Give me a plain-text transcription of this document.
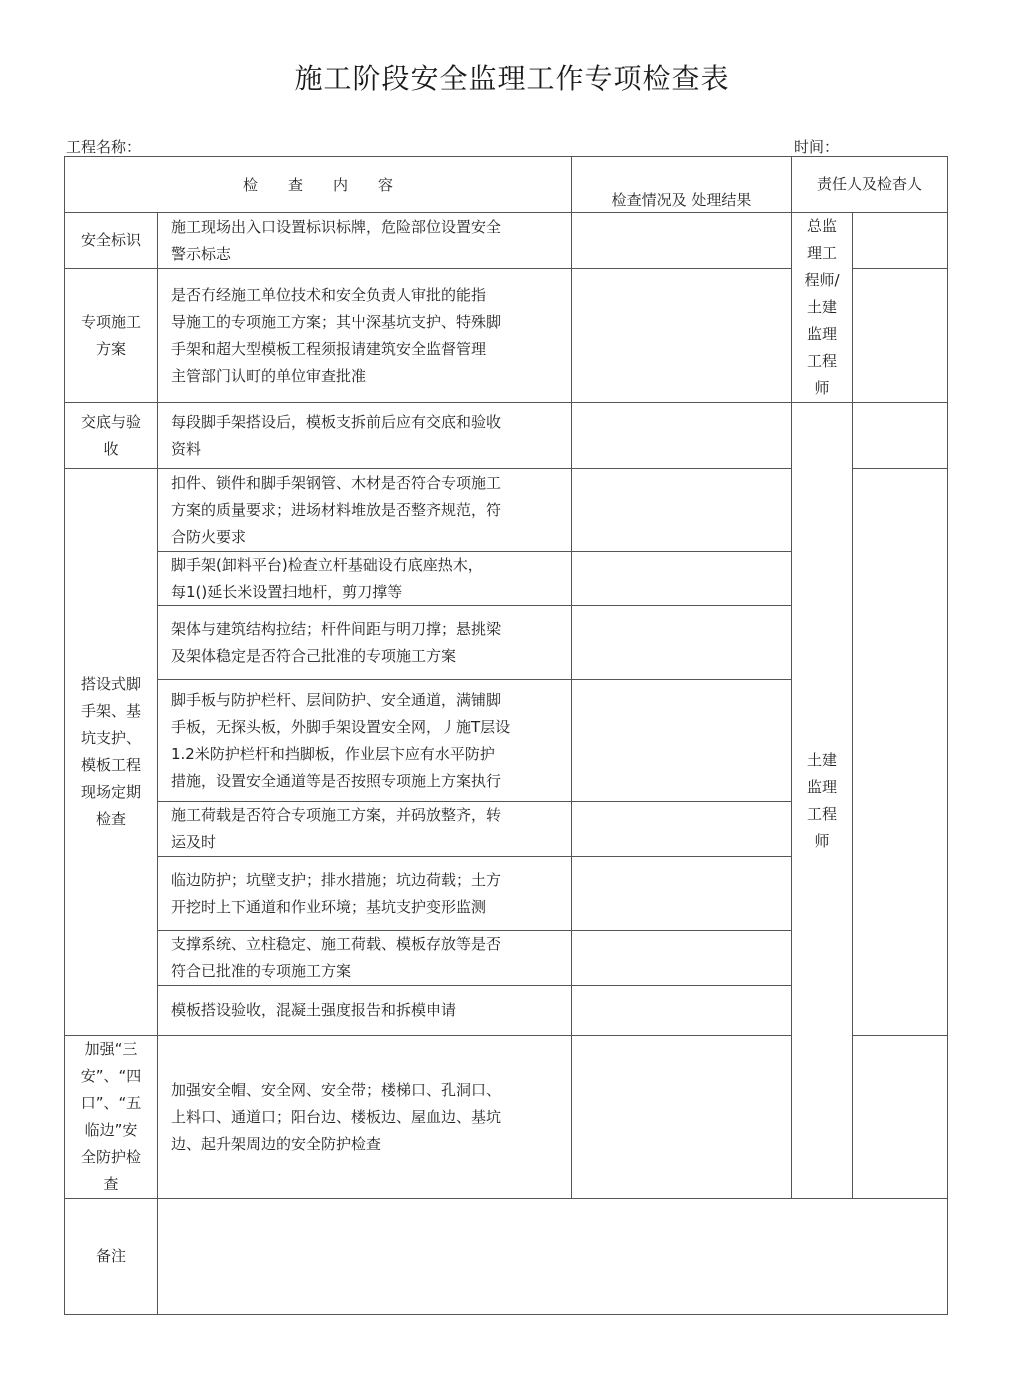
施工阶段安全监理工作专项检查表
工程名称：	时间：
检　　查　　内　　容
检查情况及 处理结果
责任人及检杳人
安全标识
专项施工
方案
交底与验
收
搭设式脚
手架、基
坑支护、
模板工程
现场定期
检查
加强“三
安”、“四
口”、“五
临边”安
全防护检
查
备注
施工现场出入口设置标识标牌，危险部位设置安全
警示标志
是否冇经施工单位技术和安全负责人审批的能指
导施工的专项施工方案；其屮深基坑支护、特殊脚
手架和超大型模板工程须报请建筑安全监督管理
主管部门认町的单位审查批准
每段脚手架搭设后，模板支拆前后应有交底和验收
资料
扣件、锁件和脚手架钢管、木材是否符合专项施工
方案的质量要求；进场材料堆放是否整齐规范，符
合防火要求
脚手架(卸料平台)检查立杆基础设冇底座热木，
每1()延长米设置扫地杆，剪刀撑等
架体与建筑结构拉结；杆件间距与明刀撑；悬挑梁
及架体稳定是否符合己批准的专项施工方案
脚手板与防护栏杆、层间防护、安全通道，满铺脚
手板，无探头板，外脚手架设置安全网，丿施T层设
1.2米防护栏杆和挡脚板，作业层卞应有水平防护
措施，设置安全通道等是否按照专项施上方案执行
施工荷载是否符合专项施工方案，并码放整齐，转
运及时
临边防护；坑壁支护；排水措施；坑边荷载；土方
开挖时上下通道和作业环境；基坑支护变形监测
支撑系统、立柱稳定、施工荷载、模板存放等是否
符合已批准的专项施工方案
模板搭设验收，混凝土强度报告和拆模申请
加强安全帽、安全网、安全带；楼梯口、孔洞口、
上料口、通道口；阳台边、楼板边、屋血边、基坑
边、起升架周边的安全防护检查
总监
理工
程师/
土建
监理
工程
师
土建
监理
工程
师
